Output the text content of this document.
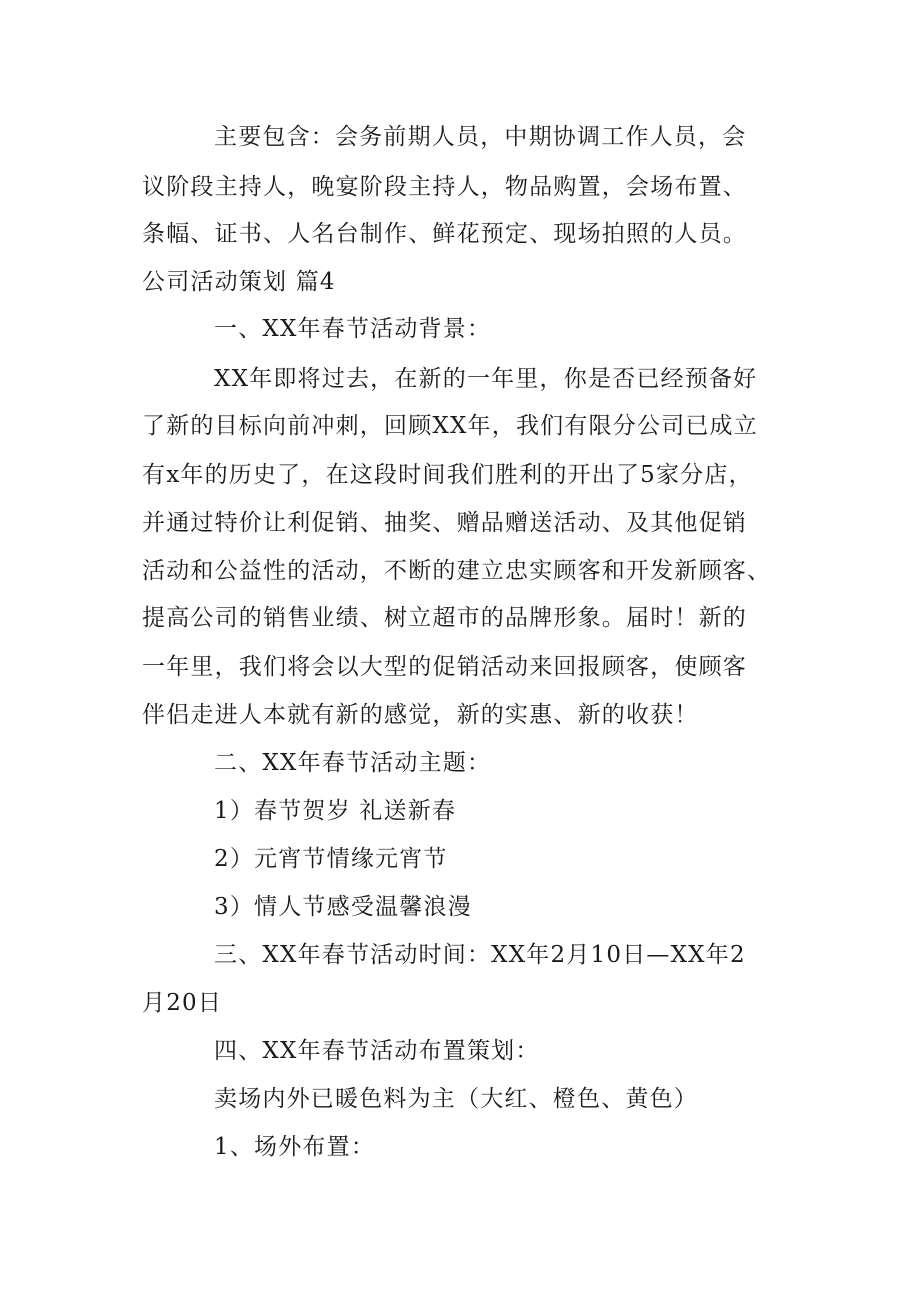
主要包含：会务前期人员，中期协调工作人员，会
议阶段主持人，晚宴阶段主持人，物品购置，会场布置、
条幅、证书、人名台制作、鲜花预定、现场拍照的人员。
公司活动策划 篇4
一、XX年春节活动背景：
XX年即将过去，在新的一年里，你是否已经预备好
了新的目标向前冲刺，回顾XX年，我们有限分公司已成立
有x年的历史了，在这段时间我们胜利的开出了5家分店，
并通过特价让利促销、抽奖、赠品赠送活动、及其他促销
活动和公益性的活动，不断的建立忠实顾客和开发新顾客、
提高公司的销售业绩、树立超市的品牌形象。届时！新的
一年里，我们将会以大型的促销活动来回报顾客，使顾客
伴侣走进人本就有新的感觉，新的实惠、新的收获！
二、XX年春节活动主题：
1）春节贺岁 礼送新春
2）元宵节情缘元宵节
3）情人节感受温馨浪漫
三、XX年春节活动时间：XX年2月10日—XX年2
月20日
四、XX年春节活动布置策划：
卖场内外已暖色料为主（大红、橙色、黄色）
1、场外布置：
